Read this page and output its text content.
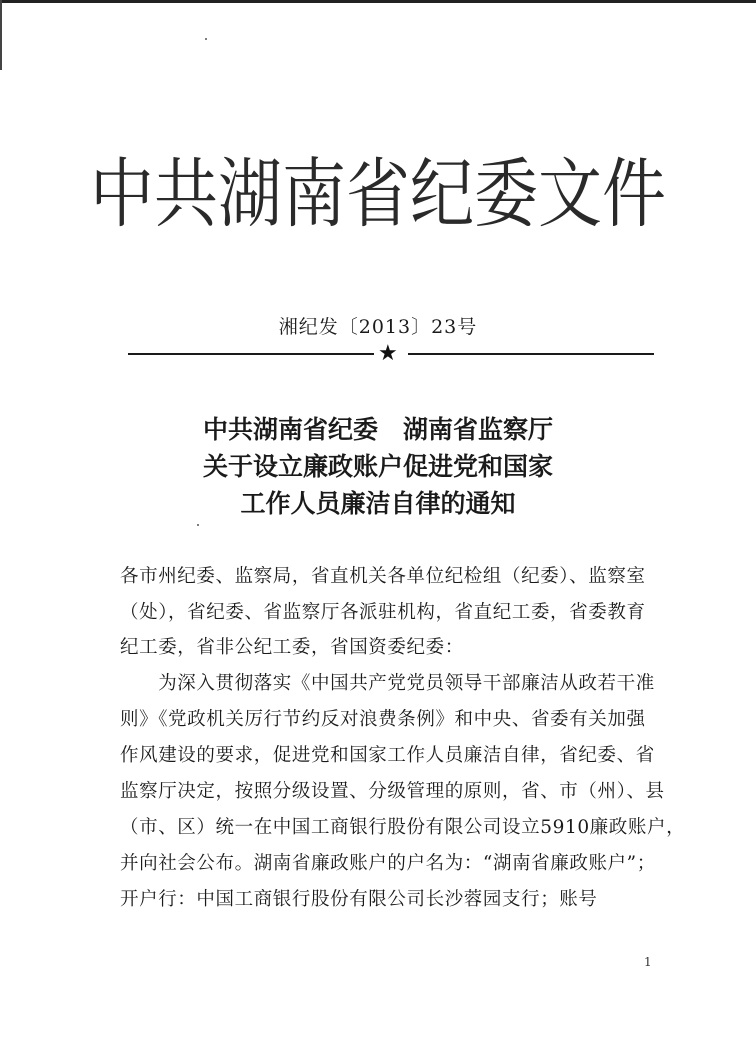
中共湖南省纪委文件
湘纪发〔2013〕23号
★
中共湖南省纪委　湖南省监察厅
关于设立廉政账户促进党和国家
工作人员廉洁自律的通知
各市州纪委、监察局，省直机关各单位纪检组（纪委）、监察室
（处），省纪委、省监察厅各派驻机构，省直纪工委，省委教育
纪工委，省非公纪工委，省国资委纪委：
　　为深入贯彻落实《中国共产党党员领导干部廉洁从政若干准
则》《党政机关厉行节约反对浪费条例》和中央、省委有关加强
作风建设的要求，促进党和国家工作人员廉洁自律，省纪委、省
监察厅决定，按照分级设置、分级管理的原则，省、市（州）、县
（市、区）统一在中国工商银行股份有限公司设立5910廉政账户，
并向社会公布。湖南省廉政账户的户名为：“湖南省廉政账户”；
开户行：中国工商银行股份有限公司长沙蓉园支行；账号
1
